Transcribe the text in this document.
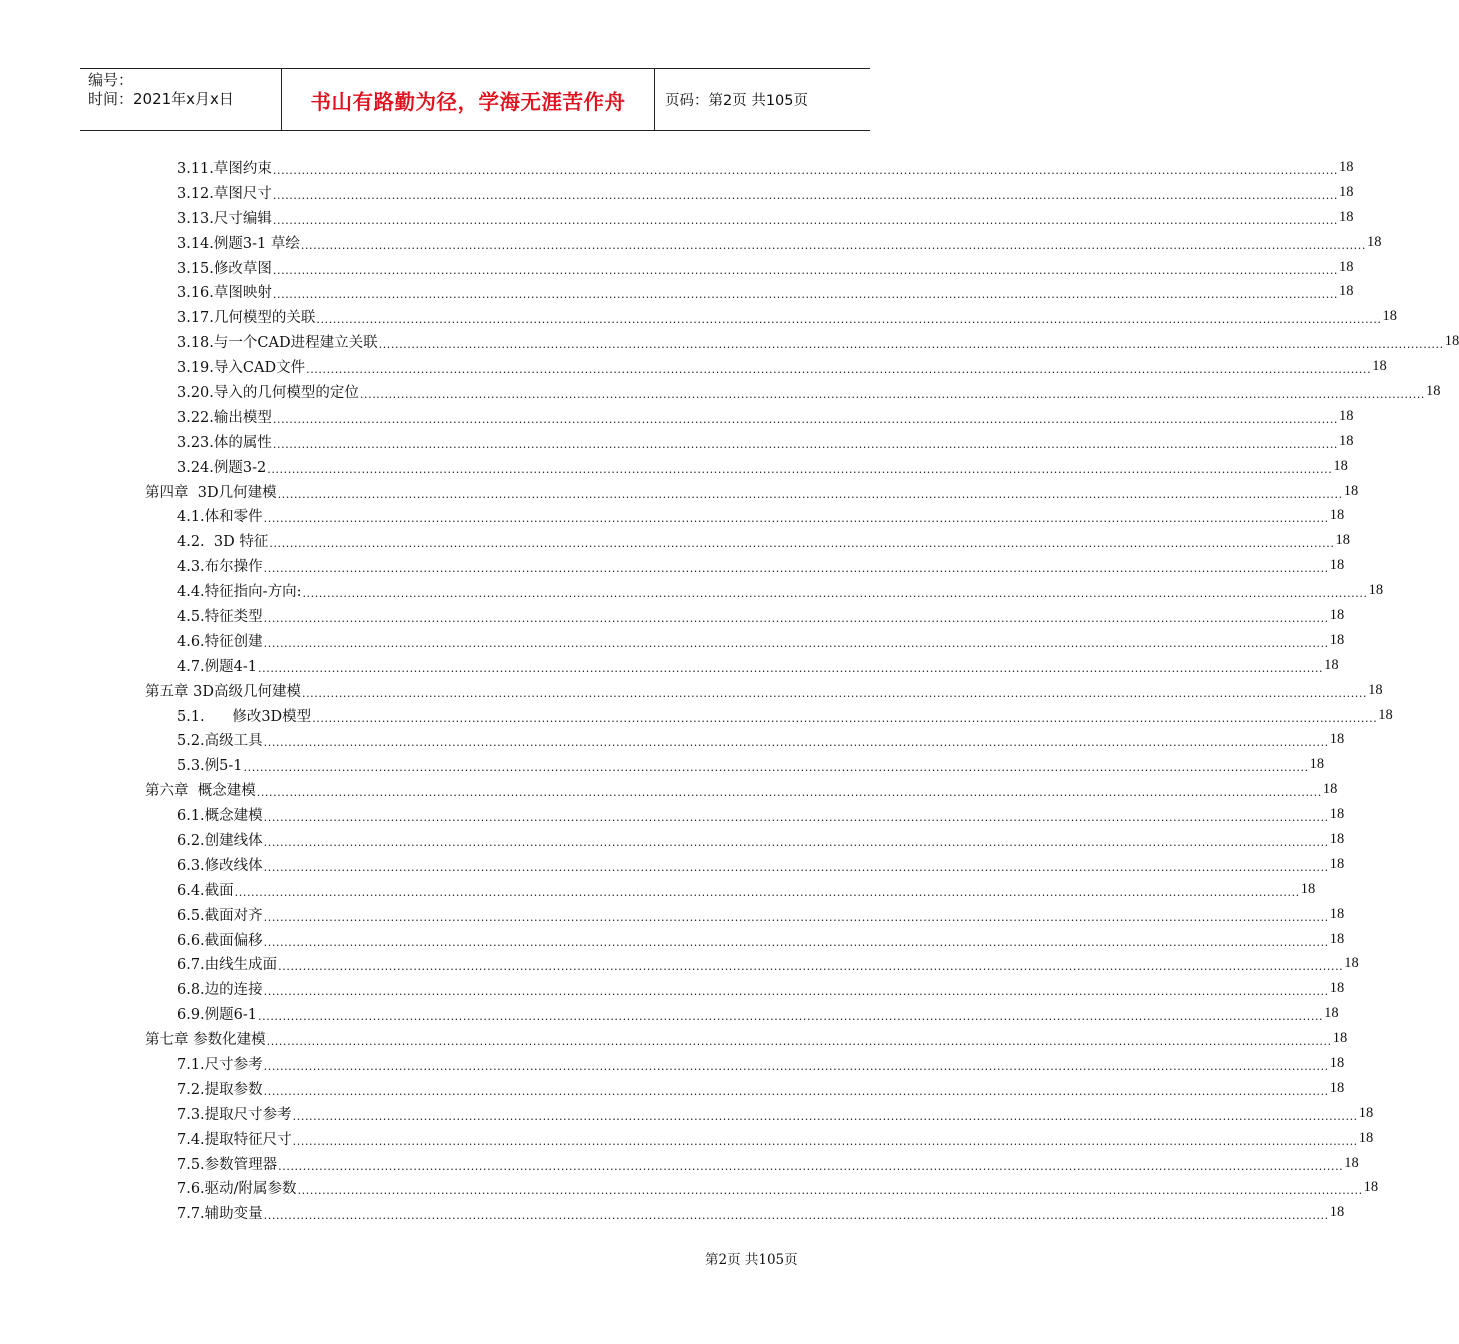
编号：
时间：2021年x月x日	书山有路勤为径，学海无涯苦作舟	页码：第2页 共105页
3.11.草图约束 .................................................................................................................................................................................................................................................................... 18
3.12.草图尺寸 .................................................................................................................................................................................................................................................................... 18
3.13.尺寸编辑 .................................................................................................................................................................................................................................................................... 18
3.14.例题3-1 草绘 .................................................................................................................................................................................................................................................................... 18
3.15.修改草图 .................................................................................................................................................................................................................................................................... 18
3.16.草图映射 .................................................................................................................................................................................................................................................................... 18
3.17.几何模型的关联 .................................................................................................................................................................................................................................................................... 18
3.18.与一个CAD进程建立关联 .................................................................................................................................................................................................................................................................... 18
3.19.导入CAD文件 .................................................................................................................................................................................................................................................................... 18
3.20.导入的几何模型的定位 .................................................................................................................................................................................................................................................................... 18
3.22.输出模型 .................................................................................................................................................................................................................................................................... 18
3.23.体的属性 .................................................................................................................................................................................................................................................................... 18
3.24.例题3-2 .................................................................................................................................................................................................................................................................... 18
第四章  3D几何建模 .................................................................................................................................................................................................................................................................... 18
4.1.体和零件 .................................................................................................................................................................................................................................................................... 18
4.2.  3D 特征 .................................................................................................................................................................................................................................................................... 18
4.3.布尔操作 .................................................................................................................................................................................................................................................................... 18
4.4.特征指向-方向: .................................................................................................................................................................................................................................................................... 18
4.5.特征类型 .................................................................................................................................................................................................................................................................... 18
4.6.特征创建 .................................................................................................................................................................................................................................................................... 18
4.7.例题4-1 .................................................................................................................................................................................................................................................................... 18
第五章 3D高级几何建模 .................................................................................................................................................................................................................................................................... 18
5.1.      修改3D模型 .................................................................................................................................................................................................................................................................... 18
5.2.高级工具 .................................................................................................................................................................................................................................................................... 18
5.3.例5-1 .................................................................................................................................................................................................................................................................... 18
第六章  概念建模 .................................................................................................................................................................................................................................................................... 18
6.1.概念建模 .................................................................................................................................................................................................................................................................... 18
6.2.创建线体 .................................................................................................................................................................................................................................................................... 18
6.3.修改线体 .................................................................................................................................................................................................................................................................... 18
6.4.截面 .................................................................................................................................................................................................................................................................... 18
6.5.截面对齐 .................................................................................................................................................................................................................................................................... 18
6.6.截面偏移 .................................................................................................................................................................................................................................................................... 18
6.7.由线生成面 .................................................................................................................................................................................................................................................................... 18
6.8.边的连接 .................................................................................................................................................................................................................................................................... 18
6.9.例题6-1 .................................................................................................................................................................................................................................................................... 18
第七章 参数化建模 .................................................................................................................................................................................................................................................................... 18
7.1.尺寸参考 .................................................................................................................................................................................................................................................................... 18
7.2.提取参数 .................................................................................................................................................................................................................................................................... 18
7.3.提取尺寸参考 .................................................................................................................................................................................................................................................................... 18
7.4.提取特征尺寸 .................................................................................................................................................................................................................................................................... 18
7.5.参数管理器 .................................................................................................................................................................................................................................................................... 18
7.6.驱动/附属参数 .................................................................................................................................................................................................................................................................... 18
7.7.辅助变量 .................................................................................................................................................................................................................................................................... 18
第2页 共105页
